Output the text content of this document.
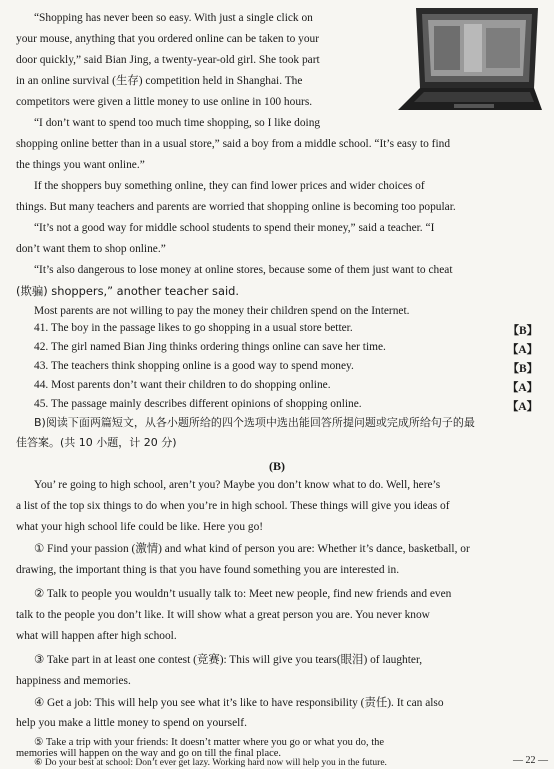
“Shopping has never been so easy. With just a single click on
your mouse, anything that you ordered online can be taken to your
door quickly,” said Bian Jing, a twenty-year-old girl. She took part
in an online survival (生存) competition held in Shanghai. The
competitors were given a little money to use online in 100 hours.
“I don’t want to spend too much time shopping, so I like doing
shopping online better than in a usual store,” said a boy from a middle school. “It’s easy to find
the things you want online.”
If the shoppers buy something online, they can find lower prices and wider choices of
things. But many teachers and parents are worried that shopping online is becoming too popular.
“It’s not a good way for middle school students to spend their money,” said a teacher. “I
don’t want them to shop online.”
“It’s also dangerous to lose money at online stores, because some of them just want to cheat
(欺骗) shoppers,” another teacher said.
Most parents are not willing to pay the money their children spend on the Internet.
41. The boy in the passage likes to go shopping in a usual store better.	【B】
42. The girl named Bian Jing thinks ordering things online can save her time.	【A】
43. The teachers think shopping online is a good way to spend money.	【B】
44. Most parents don’t want their children to do shopping online.	【A】
45. The passage mainly describes different opinions of shopping online.	【A】
B)阅读下面两篇短文，从各小题所给的四个选项中选出能回答所提问题或完成所给句子的最
佳答案。(共 10 小题，计 20 分)
(B)
You’ re going to high school, aren’t you? Maybe you don’t know what to do. Well, here’s
a list of the top six things to do when you’re in high school. These things will give you ideas of
what your high school life could be like. Here you go!
① Find your passion (激情) and what kind of person you are: Whether it’s dance, basketball, or
drawing, the important thing is that you have found something you are interested in.
② Talk to people you wouldn’t usually talk to: Meet new people, find new friends and even
talk to the people you don’t like. It will show what a great person you are. You never know
what will happen after high school.
③ Take part in at least one contest (竞赛): This will give you tears(眼泪) of laughter,
happiness and memories.
④ Get a job: This will help you see what it’s like to have responsibility (责任). It can also
help you make a little money to spend on yourself.
⑤ Take a trip with your friends: It doesn’t matter where you go or what you do, the
memories will happen on the way and go on till the final place.
⑥ Do your best at school: Don’t ever get lazy. Working hard now will help you in the future.	— 22 —
